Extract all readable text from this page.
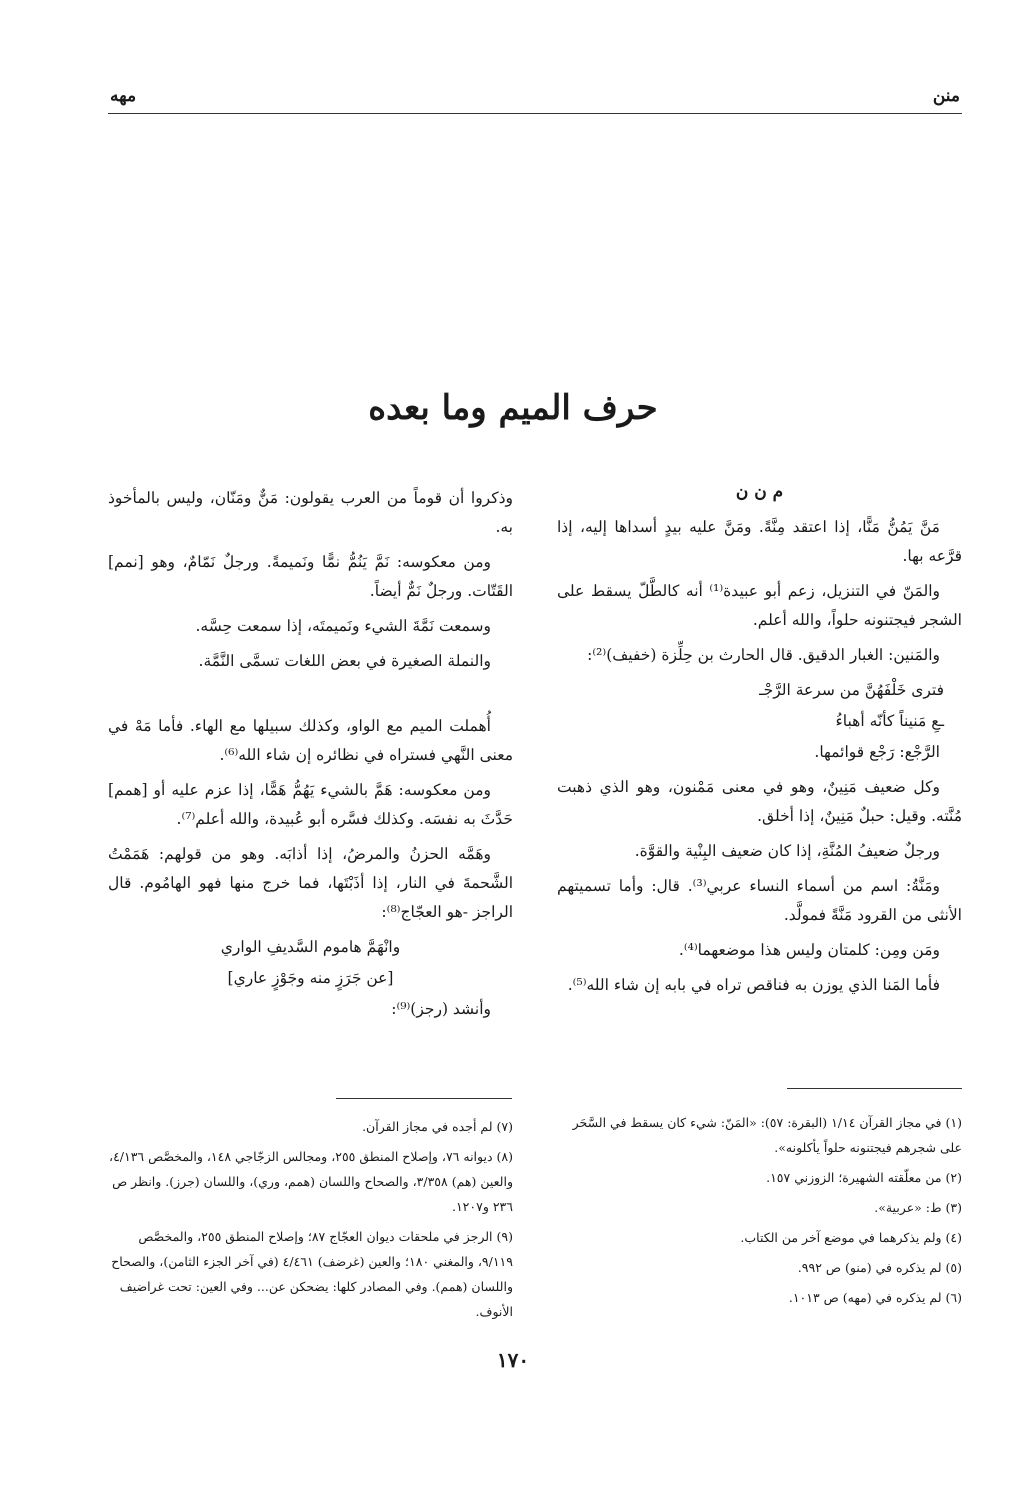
منن
مهه
حرف الميم وما بعده

م ن ن

مَنَّ يَمُنُّ مَنًّا، إذا اعتقد مِنَّةً. ومَنَّ عليه بيدٍ أسداها إليه، إذا قرَّعه بها.

والمَنّ في التنزيل، زعم أبو عبيدة⁽¹⁾ أنه كالطَّلّ يسقط على الشجر فيجتنونه حلواً، والله أعلم.

والمَنين: الغبار الدقيق. قال الحارث بن حِلِّزة (خفيف)⁽²⁾:

فترى خَلْفَهُنَّ من سرعة الرَّجْـ
ـعِ مَنيناً كأنّه أهباءُ

الرَّجْع: رَجْع قوائمها.

وكل ضعيف مَنِينٌ، وهو في معنى مَمْنون، وهو الذي ذهبت مُنَّته. وقيل: حبلٌ مَنِينٌ، إذا أخلق.

ورجلٌ ضعيفُ المُنَّةِ، إذا كان ضعيف البِنْية والقوَّة.

ومَنَّةُ: اسم من أسماء النساء عربي⁽³⁾. قال: وأما تسميتهم الأنثى من القرود مَنَّةً فمولَّد.

ومَن ومِن: كلمتان وليس هذا موضعهما⁽⁴⁾.

فأما المَنا الذي يوزن به فناقص تراه في بابه إن شاء الله⁽⁵⁾.

وذكروا أن قوماً من العرب يقولون: مَنٌّ ومَنّان، وليس بالمأخوذ به.

ومن معكوسه: نَمَّ يَنُمُّ نمًّا ونَميمةً. ورجلٌ نَمّامٌ، وهو [نمم] القَتّات. ورجلٌ نَمٌّ أيضاً.

وسمعت نَمَّةَ الشيء ونَميمتَه، إذا سمعت حِسَّه.

والنملة الصغيرة في بعض اللغات تسمَّى النَّمَّة.

أُهملت الميم مع الواو، وكذلك سبيلها مع الهاء. فأما مَهْ في معنى النَّهي فستراه في نظائره إن شاء الله⁽⁶⁾.

ومن معكوسه: هَمَّ بالشيء يَهُمُّ هَمًّا، إذا عزم عليه أو [همم] حَدَّثَ به نفسَه. وكذلك فسَّره أبو عُبيدة، والله أعلم⁽⁷⁾.

وهَمَّه الحزنُ والمرضُ، إذا أذابَه. وهو من قولهم: هَمَمْتُ الشَّحمةَ في النار، إذا أذَبْتَها، فما خرج منها فهو الهامُوم. قال الراجز -هو العجّاج⁽⁸⁾:

وانْهَمَّ هاموم السَّديفِ الواري
[عن جَرَزٍ منه وجَوْزٍ عاري]

وأنشد (رجز)⁽⁹⁾:

(١) في مجاز القرآن ١/١٤ (البقرة: ٥٧): «المَنّ: شيء كان يسقط في السَّحَر على شجرهم فيجتنونه حلواً يأكلونه».
(٢) من معلّقته الشهيرة؛ الزوزني ١٥٧.
(٣) ط: «عربية».
(٤) ولم يذكرهما في موضع آخر من الكتاب.
(٥) لم يذكره في (منو) ص ٩٩٢.
(٦) لم يذكره في (مهه) ص ١٠١٣.
(٧) لم أجده في مجاز القرآن.
(٨) ديوانه ٧٦، وإصلاح المنطق ٢٥٥، ومجالس الزجّاجي ١٤٨، والمخصَّص ٤/١٣٦، والعين (هم) ٣/٣٥٨، والصحاح واللسان (همم، وري)، واللسان (جرز). وانظر ص ٢٣٦ و١٢٠٧.
(٩) الرجز في ملحقات ديوان العجّاج ٨٧؛ وإصلاح المنطق ٢٥٥، والمخصَّص ٩/١١٩، والمغني ١٨٠؛ والعين (غرضف) ٤/٤٦١ (في آخر الجزء الثامن)، والصحاح واللسان (همم). وفي المصادر كلها: يضحكن عن... وفي العين: تحت غراضيف الأنوف.
١٧٠
